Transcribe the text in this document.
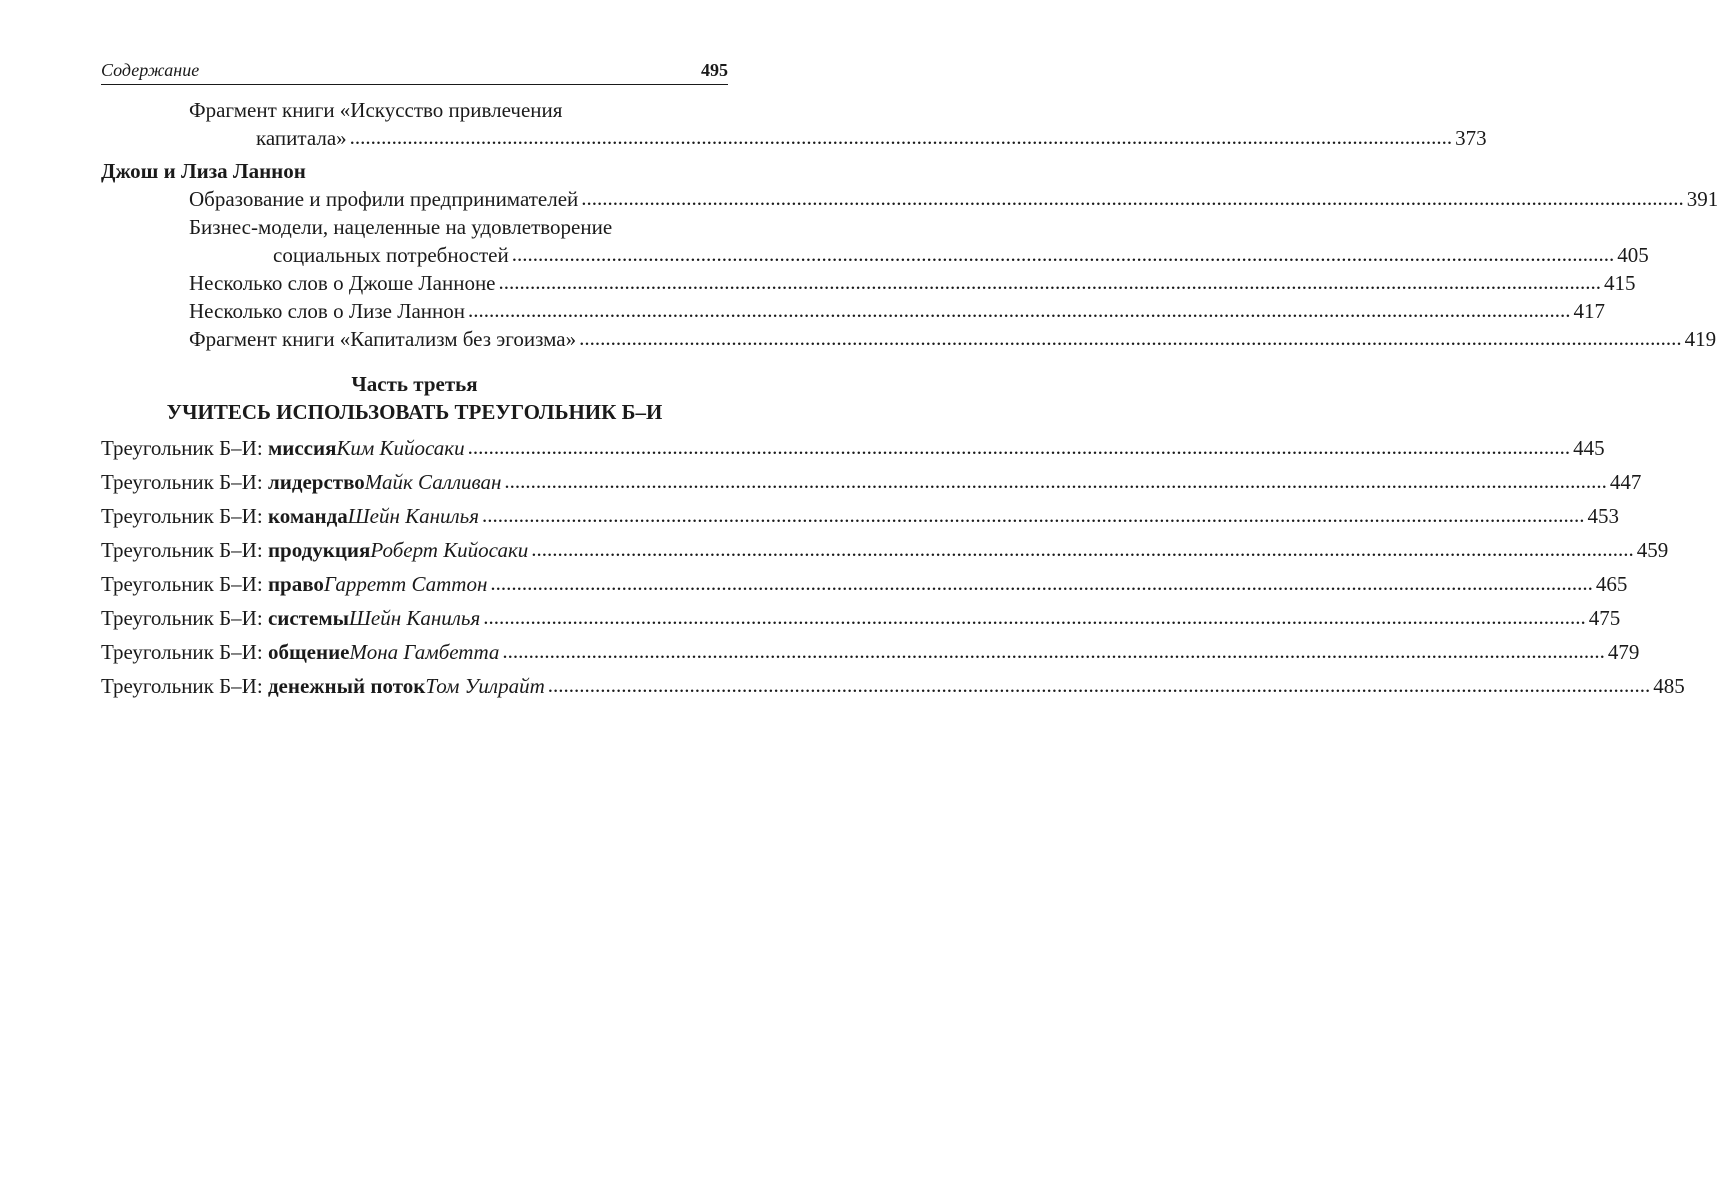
Содержание	495
Фрагмент книги «Искусство привлечения
капитала» .....	373
Джош и Лиза Ланнон
Образование и профили предпринимателей .....	391
Бизнес-модели, нацеленные на удовлетворение
социальных потребностей .....	405
Несколько слов о Джоше Ланноне .....	415
Несколько слов о Лизе Ланнон .....	417
Фрагмент книги «Капитализм без эгоизма» .....	419
Часть третья
УЧИТЕСЬ ИСПОЛЬЗОВАТЬ ТРЕУГОЛЬНИК Б–И
Треугольник Б–И: миссия Ким Кийосаки .....	445
Треугольник Б–И: лидерство Майк Салливан .....	447
Треугольник Б–И: команда Шейн Канилья .....	453
Треугольник Б–И: продукция Роберт Кийосаки .....	459
Треугольник Б–И: право Гарретт Саттон .....	465
Треугольник Б–И: системы Шейн Канилья .....	475
Треугольник Б–И: общение Мона Гамбетта .....	479
Треугольник Б–И: денежный поток Том Уилрайт .....	485
